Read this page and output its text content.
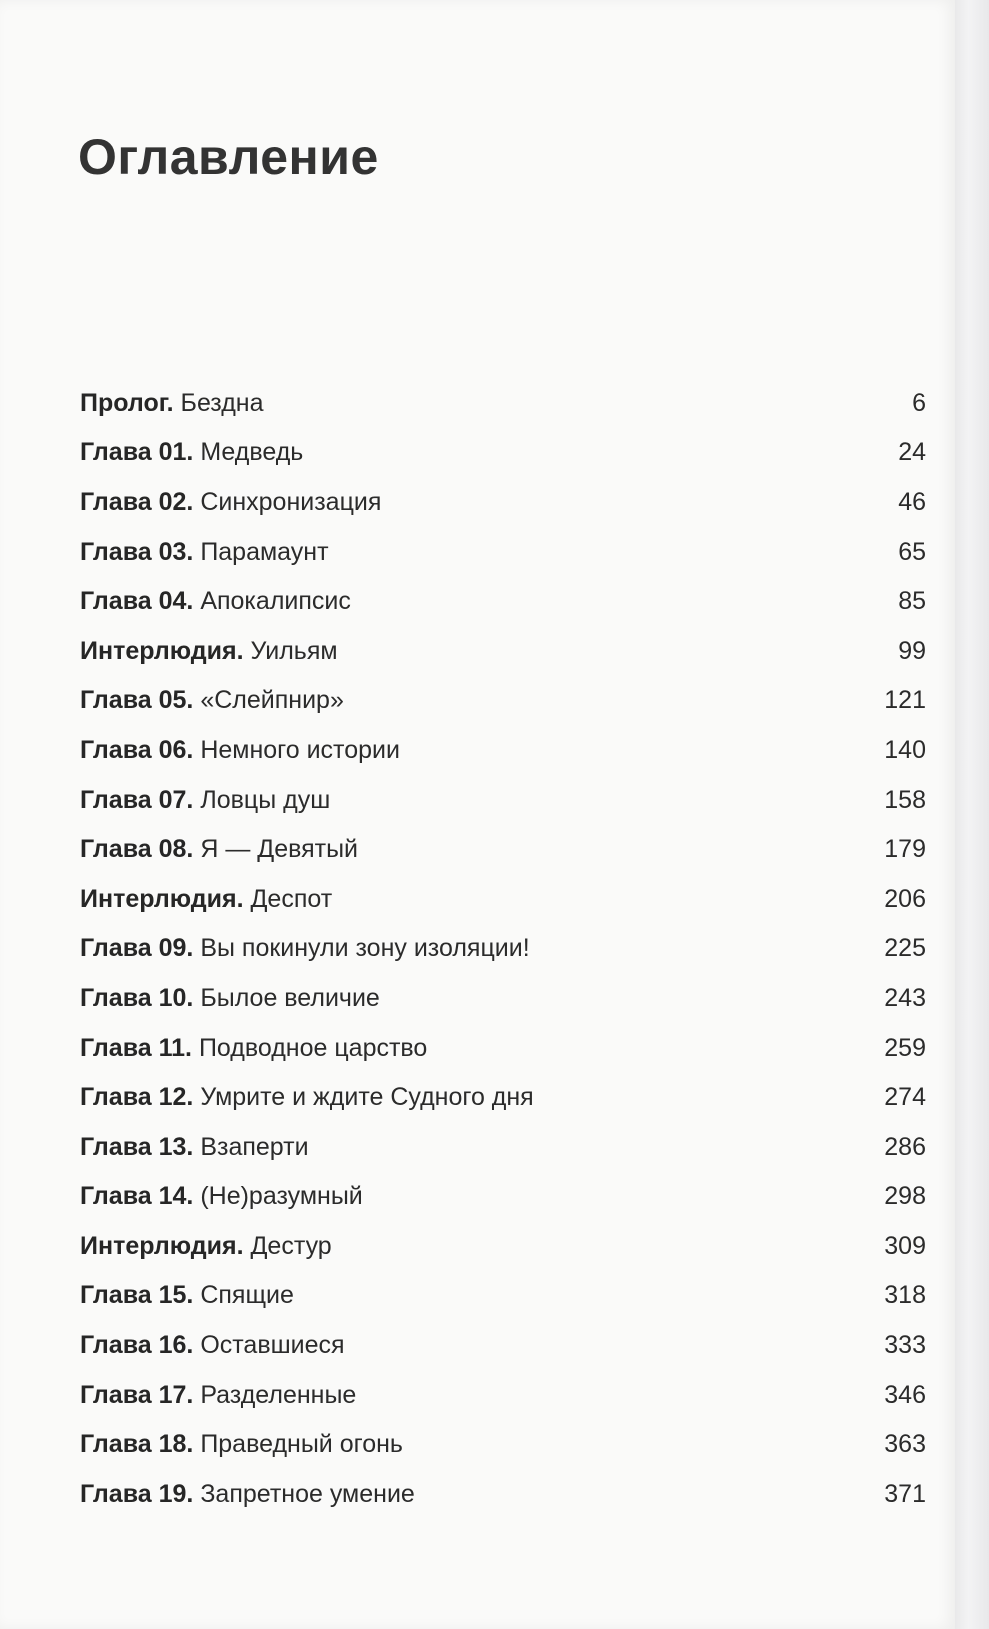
Оглавление
Пролог. Бездна	6
Глава 01. Медведь	24
Глава 02. Синхронизация	46
Глава 03. Парамаунт	65
Глава 04. Апокалипсис	85
Интерлюдия. Уильям	99
Глава 05. «Слейпнир»	121
Глава 06. Немного истории	140
Глава 07. Ловцы душ	158
Глава 08. Я — Девятый	179
Интерлюдия. Деспот	206
Глава 09. Вы покинули зону изоляции!	225
Глава 10. Былое величие	243
Глава 11. Подводное царство	259
Глава 12. Умрите и ждите Судного дня	274
Глава 13. Взаперти	286
Глава 14. (Не)разумный	298
Интерлюдия. Дестур	309
Глава 15. Спящие	318
Глава 16. Оставшиеся	333
Глава 17. Разделенные	346
Глава 18. Праведный огонь	363
Глава 19. Запретное умение	371
